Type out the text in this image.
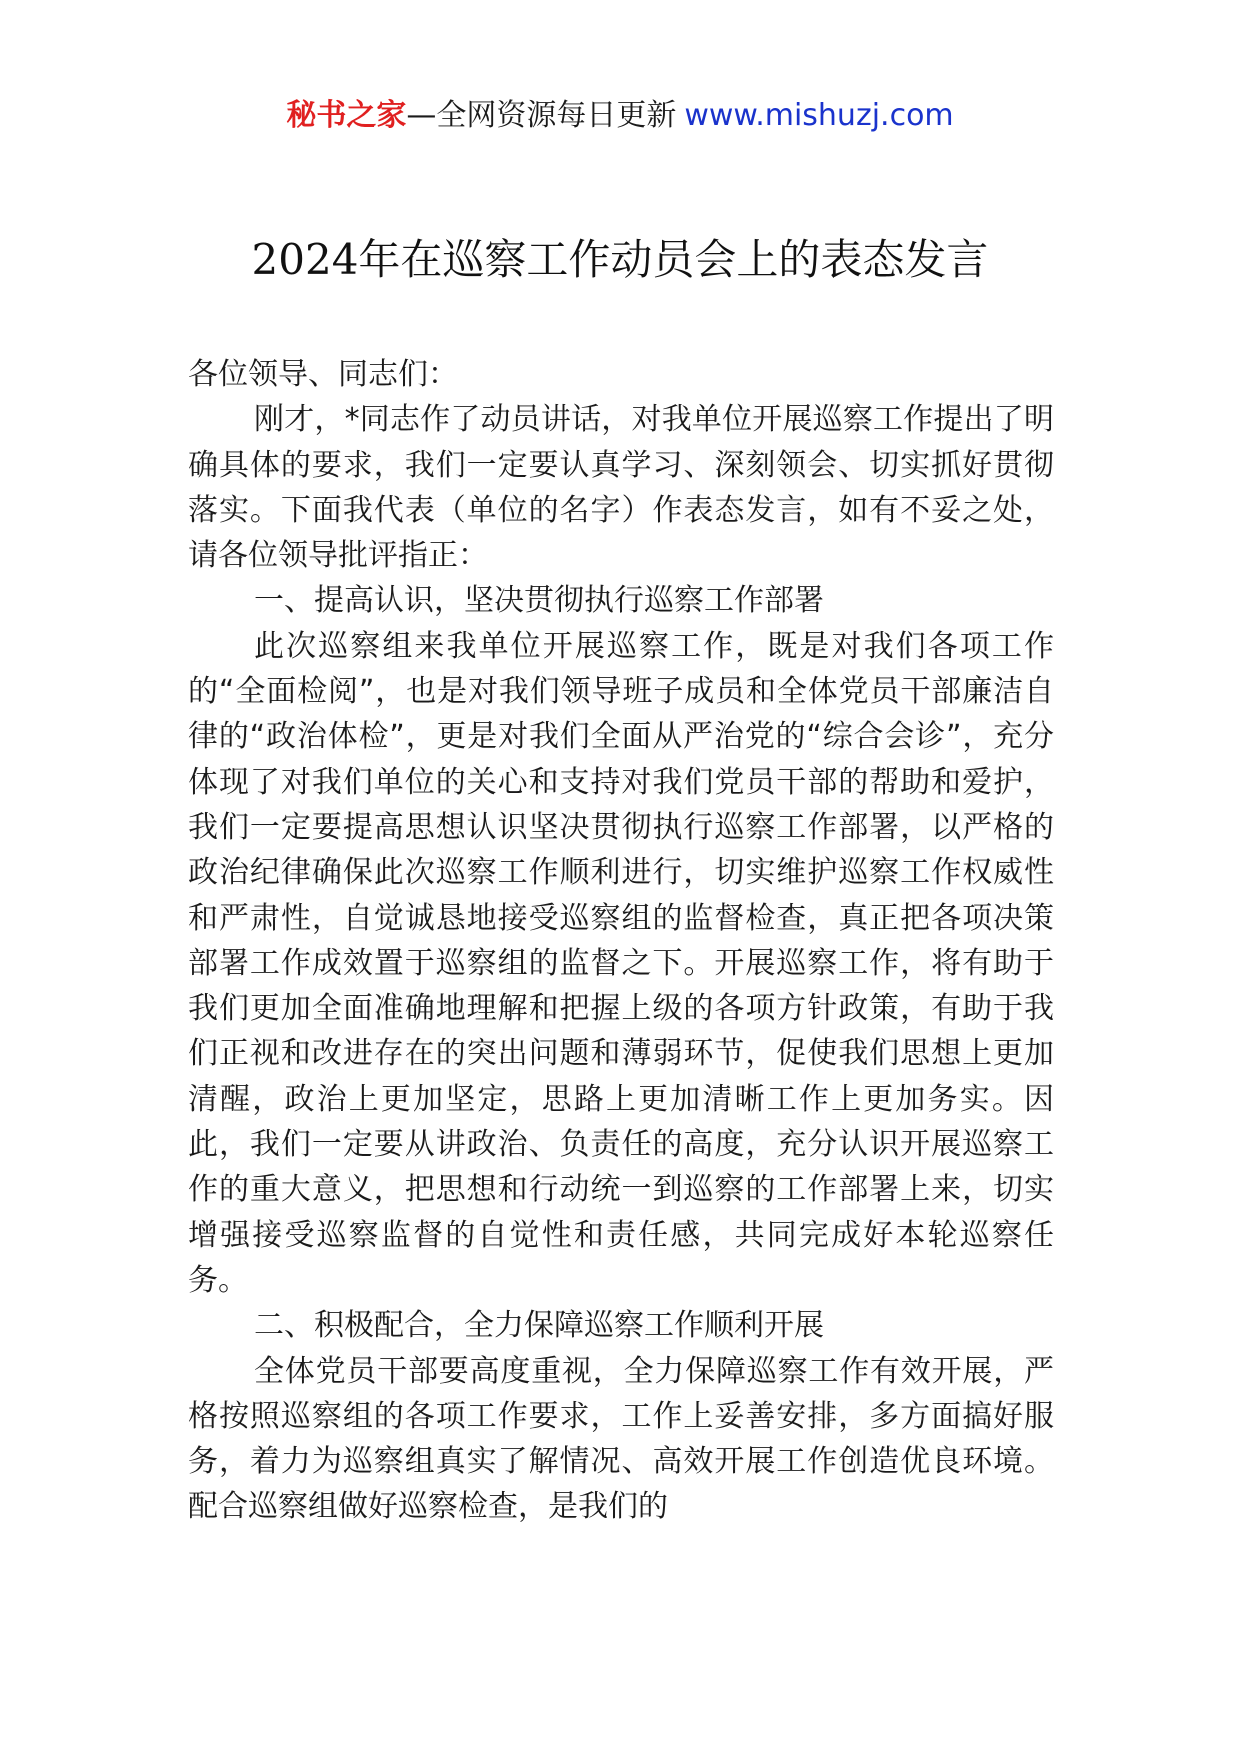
秘书之家—全网资源每日更新 www.mishuzj.com
2024年在巡察工作动员会上的表态发言

各位领导、同志们：

刚才，*同志作了动员讲话，对我单位开展巡察工作提出了明确具体的要求，我们一定要认真学习、深刻领会、切实抓好贯彻落实。下面我代表（单位的名字）作表态发言，如有不妥之处，请各位领导批评指正：

一、提高认识，坚决贯彻执行巡察工作部署

此次巡察组来我单位开展巡察工作，既是对我们各项工作的“全面检阅”，也是对我们领导班子成员和全体党员干部廉洁自律的“政治体检”，更是对我们全面从严治党的“综合会诊”，充分体现了对我们单位的关心和支持对我们党员干部的帮助和爱护，我们一定要提高思想认识坚决贯彻执行巡察工作部署，以严格的政治纪律确保此次巡察工作顺利进行，切实维护巡察工作权威性和严肃性，自觉诚恳地接受巡察组的监督检查，真正把各项决策部署工作成效置于巡察组的监督之下。开展巡察工作，将有助于我们更加全面准确地理解和把握上级的各项方针政策，有助于我们正视和改进存在的突出问题和薄弱环节，促使我们思想上更加清醒，政治上更加坚定，思路上更加清晰工作上更加务实。因此，我们一定要从讲政治、负责任的高度，充分认识开展巡察工作的重大意义，把思想和行动统一到巡察的工作部署上来，切实增强接受巡察监督的自觉性和责任感，共同完成好本轮巡察任务。

二、积极配合，全力保障巡察工作顺利开展

全体党员干部要高度重视，全力保障巡察工作有效开展，严格按照巡察组的各项工作要求，工作上妥善安排，多方面搞好服务，着力为巡察组真实了解情况、高效开展工作创造优良环境。配合巡察组做好巡察检查，是我们的
